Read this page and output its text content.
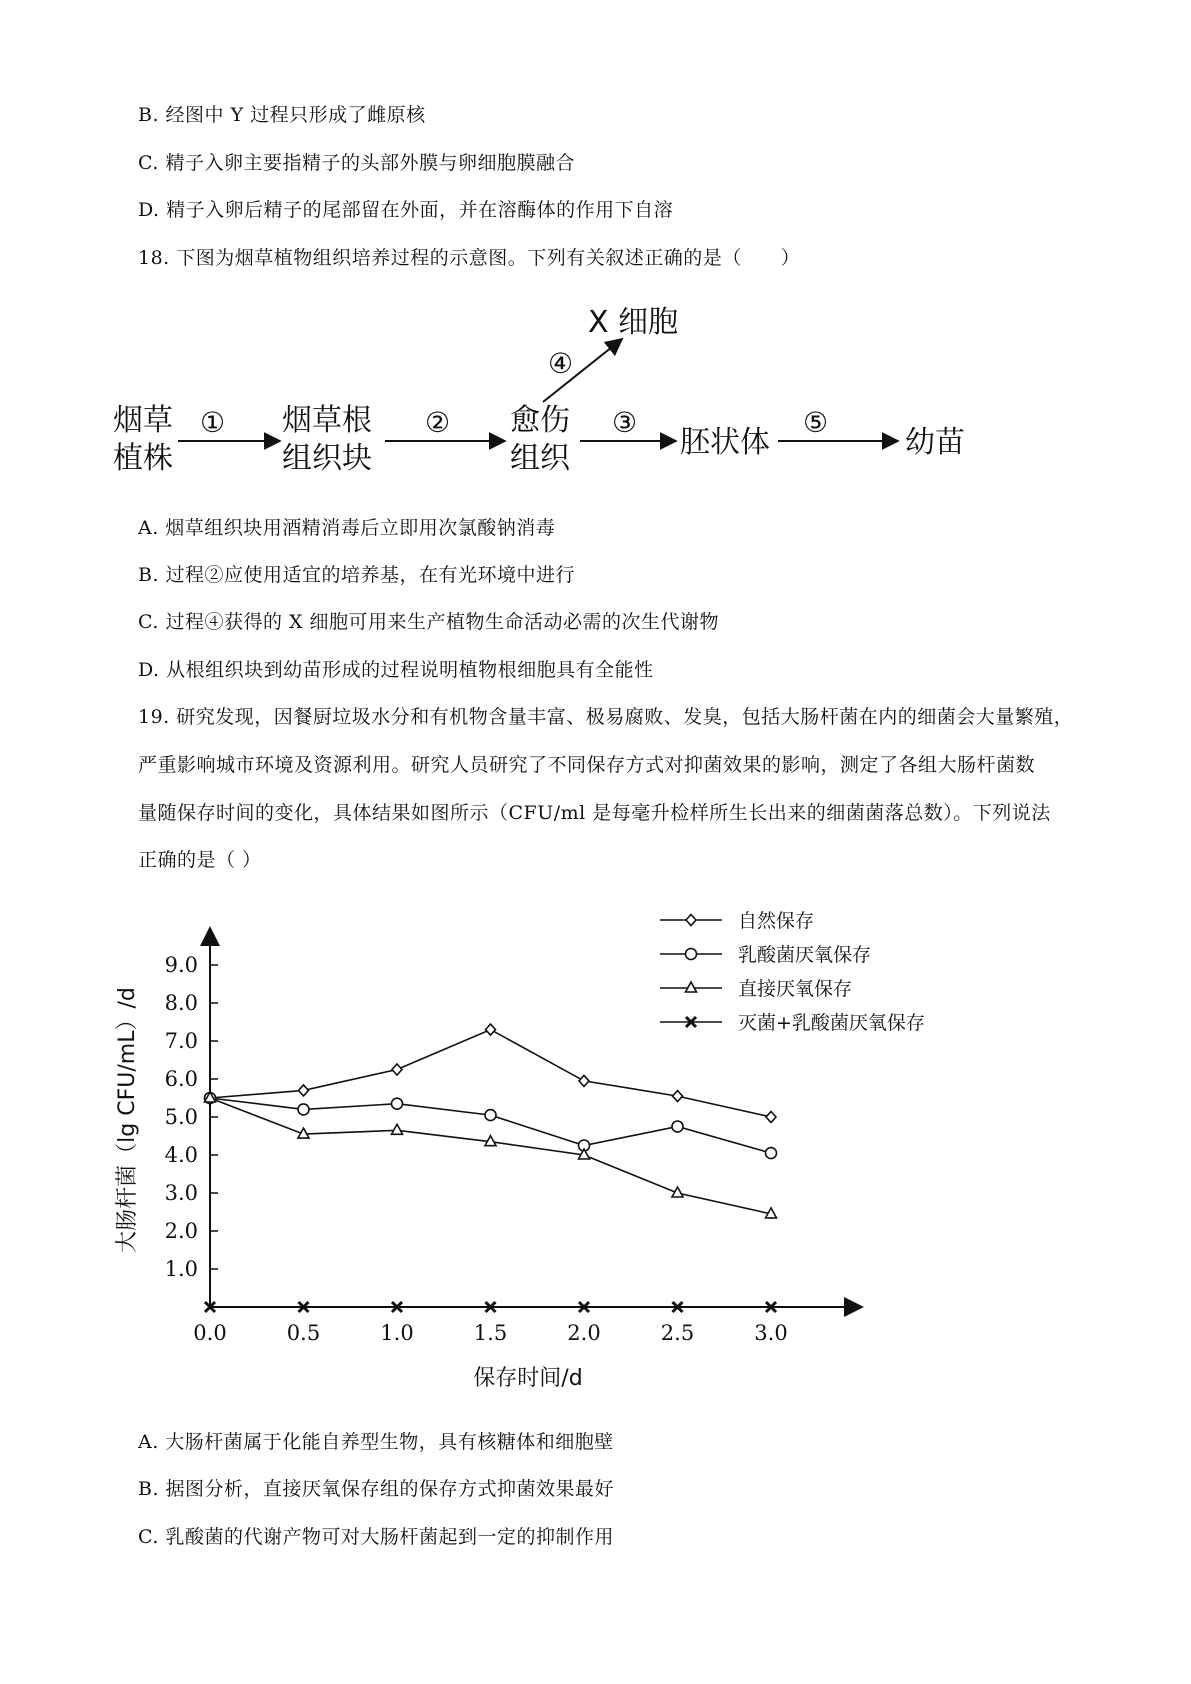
B. 经图中 Y 过程只形成了雌原核
C. 精子入卵主要指精子的头部外膜与卵细胞膜融合
D. 精子入卵后精子的尾部留在外面，并在溶酶体的作用下自溶
18. 下图为烟草植物组织培养过程的示意图。下列有关叙述正确的是（　　）
烟草
植株
① 烟草根
组织块
② 愈伤
组织
③
胚状体
⑤
幼苗
④
X 细胞
A. 烟草组织块用酒精消毒后立即用次氯酸钠消毒
B. 过程②应使用适宜的培养基，在有光环境中进行
C. 过程④获得的 X 细胞可用来生产植物生命活动必需的次生代谢物
D. 从根组织块到幼苗形成的过程说明植物根细胞具有全能性
19. 研究发现，因餐厨垃圾水分和有机物含量丰富、极易腐败、发臭，包括大肠杆菌在内的细菌会大量繁殖，
严重影响城市环境及资源利用。研究人员研究了不同保存方式对抑菌效果的影响，测定了各组大肠杆菌数
量随保存时间的变化，具体结果如图所示（CFU/ml 是每毫升检样所生长出来的细菌菌落总数）。下列说法
正确的是（ ）
1.0
2.0
3.0
4.0
5.0
6.0
7.0
8.0
9.0
0.0	0.5	1.0	1.5	2.0	2.5	3.0
大肠杆菌（lg CFU/mL）/d
保存时间/d
自然保存
乳酸菌厌氧保存
直接厌氧保存
灭菌+乳酸菌厌氧保存
A. 大肠杆菌属于化能自养型生物，具有核糖体和细胞壁
B. 据图分析，直接厌氧保存组的保存方式抑菌效果最好
C. 乳酸菌的代谢产物可对大肠杆菌起到一定的抑制作用
